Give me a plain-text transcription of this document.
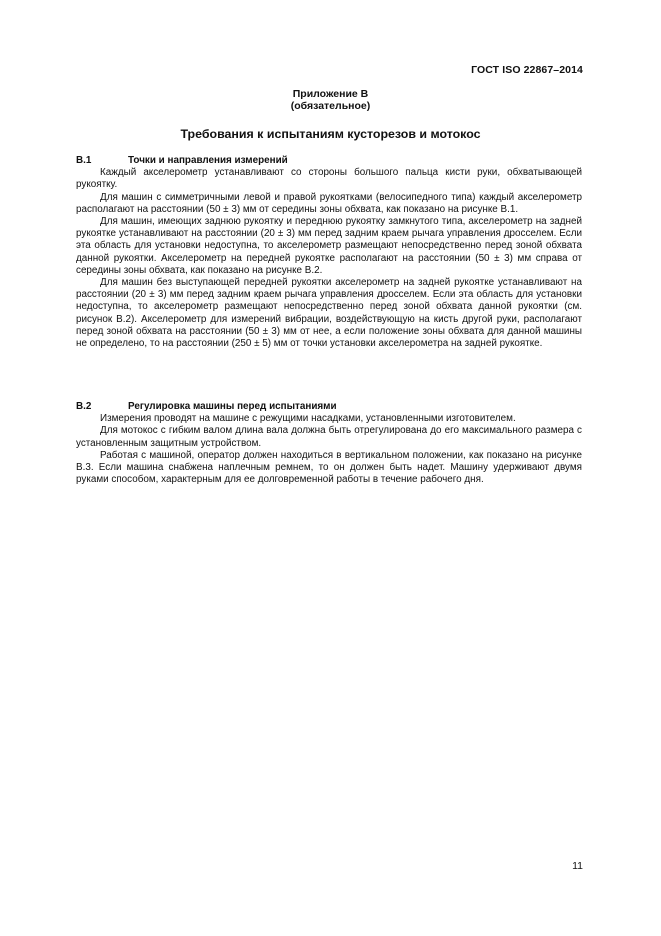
ГОСТ ISO 22867–2014
Приложение В
(обязательное)
Требования к испытаниям кусторезов и мотокос
В.1	Точки и направления измерений

Каждый акселерометр устанавливают со стороны большого пальца кисти руки, обхватывающей рукоятку.

Для машин с симметричными левой и правой рукоятками (велосипедного типа) каждый акселерометр располагают на расстоянии (50 ± 3) мм от середины зоны обхвата, как показано на рисунке В.1.

Для машин, имеющих заднюю рукоятку и переднюю рукоятку замкнутого типа, акселерометр на задней рукоятке устанавливают на расстоянии (20 ± 3) мм перед задним краем рычага управления дросселем. Если эта область для установки недоступна, то акселерометр размещают непосредственно перед зоной обхвата данной рукоятки. Акселерометр на передней рукоятке располагают на расстоянии (50 ± 3) мм справа от середины зоны обхвата, как показано на рисунке В.2.

Для машин без выступающей передней рукоятки акселерометр на задней рукоятке устанавливают на расстоянии (20 ± 3) мм перед задним краем рычага управления дросселем. Если эта область для установки недоступна, то акселерометр размещают непосредственно перед зоной обхвата данной рукоятки (см. рисунок В.2). Акселерометр для измерений вибрации, воздействующую на кисть другой руки, располагают перед зоной обхвата на расстоянии (50 ± 3) мм от нее, а если положение зоны обхвата для данной машины не определено, то на расстоянии (250 ± 5) мм от точки установки акселерометра на задней рукоятке.

В.2	Регулировка машины перед испытаниями

Измерения проводят на машине с режущими насадками, установленными изготовителем.

Для мотокос с гибким валом длина вала должна быть отрегулирована до его максимального размера с установленным защитным устройством.

Работая с машиной, оператор должен находиться в вертикальном положении, как показано на рисунке В.3. Если машина снабжена наплечным ремнем, то он должен быть надет. Машину удерживают двумя руками способом, характерным для ее долговременной работы в течение рабочего дня.

11
